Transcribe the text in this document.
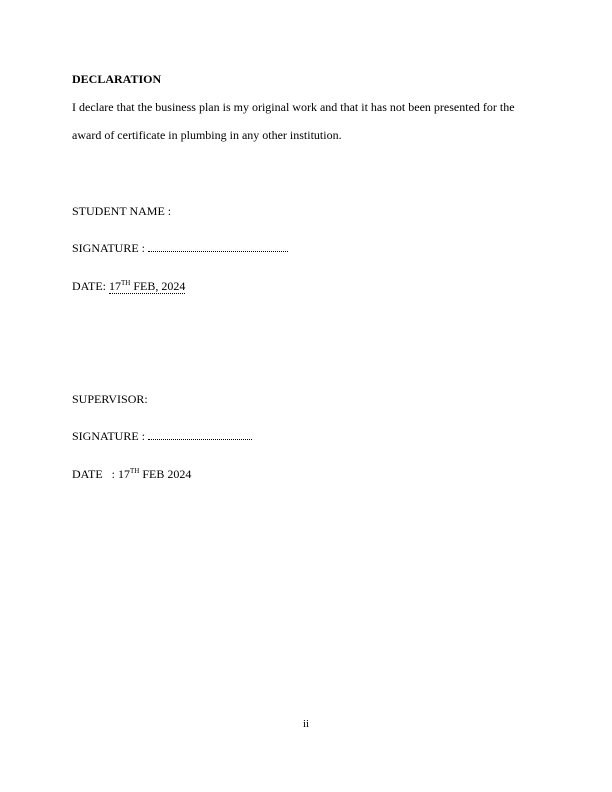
DECLARATION
I declare that the business plan is my original work and that it has not been presented for the
award of certificate in plumbing in any other institution.
STUDENT NAME :
SIGNATURE :
DATE: 17TH FEB, 2024
SUPERVISOR:
SIGNATURE :
DATE   : 17TH FEB 2024
ii
